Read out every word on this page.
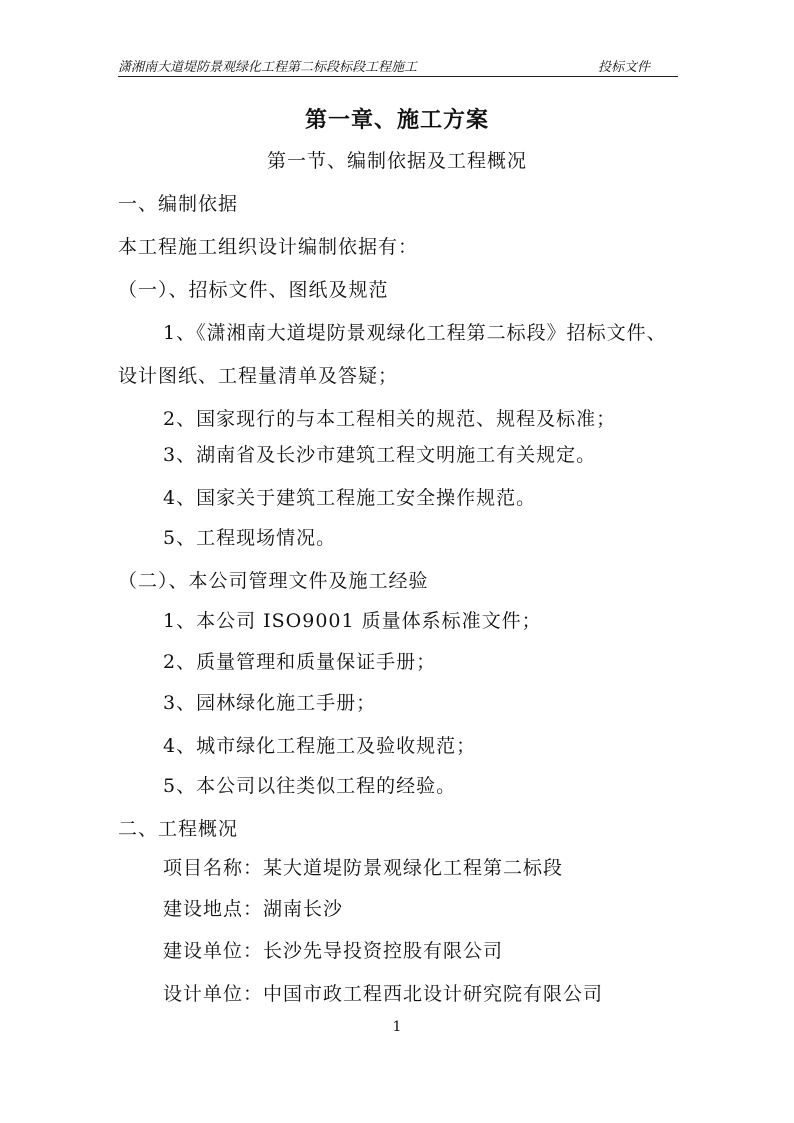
潇湘南大道堤防景观绿化工程第二标段标段工程施工	投标文件
第一章、施工方案
第一节、编制依据及工程概况
一、编制依据
本工程施工组织设计编制依据有：
（一）、招标文件、图纸及规范
1、《潇湘南大道堤防景观绿化工程第二标段》招标文件、
设计图纸、工程量清单及答疑；
2、国家现行的与本工程相关的规范、规程及标准；
3、湖南省及长沙市建筑工程文明施工有关规定。
4、国家关于建筑工程施工安全操作规范。
5、工程现场情况。
（二）、本公司管理文件及施工经验
1、本公司 ISO9001 质量体系标准文件；
2、质量管理和质量保证手册；
3、园林绿化施工手册；
4、城市绿化工程施工及验收规范；
5、本公司以往类似工程的经验。
二、工程概况
项目名称：某大道堤防景观绿化工程第二标段
建设地点：湖南长沙
建设单位：长沙先导投资控股有限公司
设计单位：中国市政工程西北设计研究院有限公司
1
